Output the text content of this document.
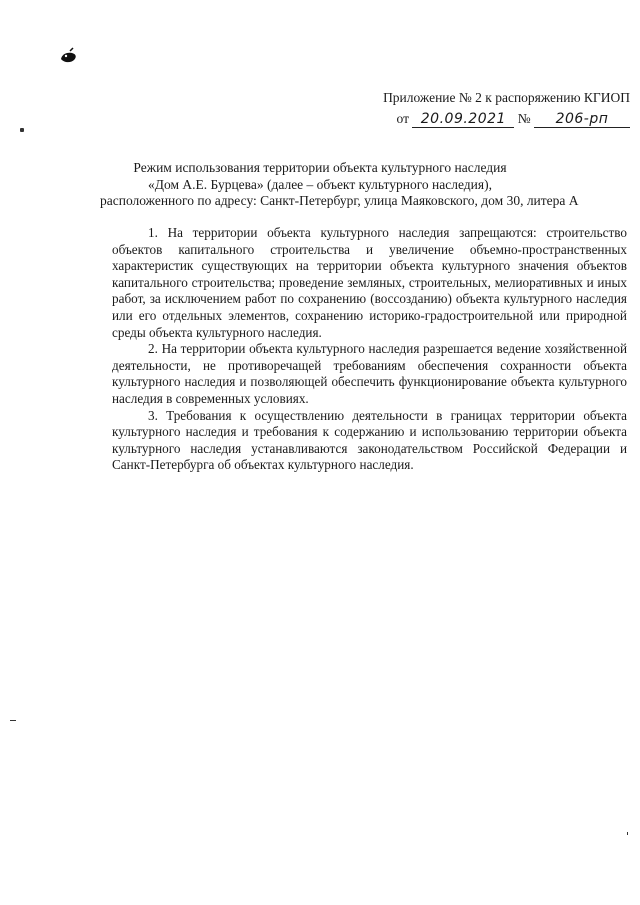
Приложение № 2 к распоряжению КГИОП
от 20.09.2021 № 206-рп
Режим использования территории объекта культурного наследия
«Дом А.Е. Бурцева» (далее – объект культурного наследия),
расположенного по адресу: Санкт-Петербург, улица Маяковского, дом 30, литера А

1. На территории объекта культурного наследия запрещаются: строительство объектов капитального строительства и увеличение объемно-пространственных характеристик существующих на территории объекта культурного значения объектов капитального строительства; проведение земляных, строительных, мелиоративных и иных работ, за исключением работ по сохранению (воссозданию) объекта культурного наследия или его отдельных элементов, сохранению историко-градостроительной или природной среды объекта культурного наследия.

2. На территории объекта культурного наследия разрешается ведение хозяйственной деятельности, не противоречащей требованиям обеспечения сохранности объекта культурного наследия и позволяющей обеспечить функционирование объекта культурного наследия в современных условиях.

3. Требования к осуществлению деятельности в границах территории объекта культурного наследия и требования к содержанию и использованию территории объекта культурного наследия устанавливаются законодательством Российской Федерации и Санкт-Петербурга об объектах культурного наследия.
